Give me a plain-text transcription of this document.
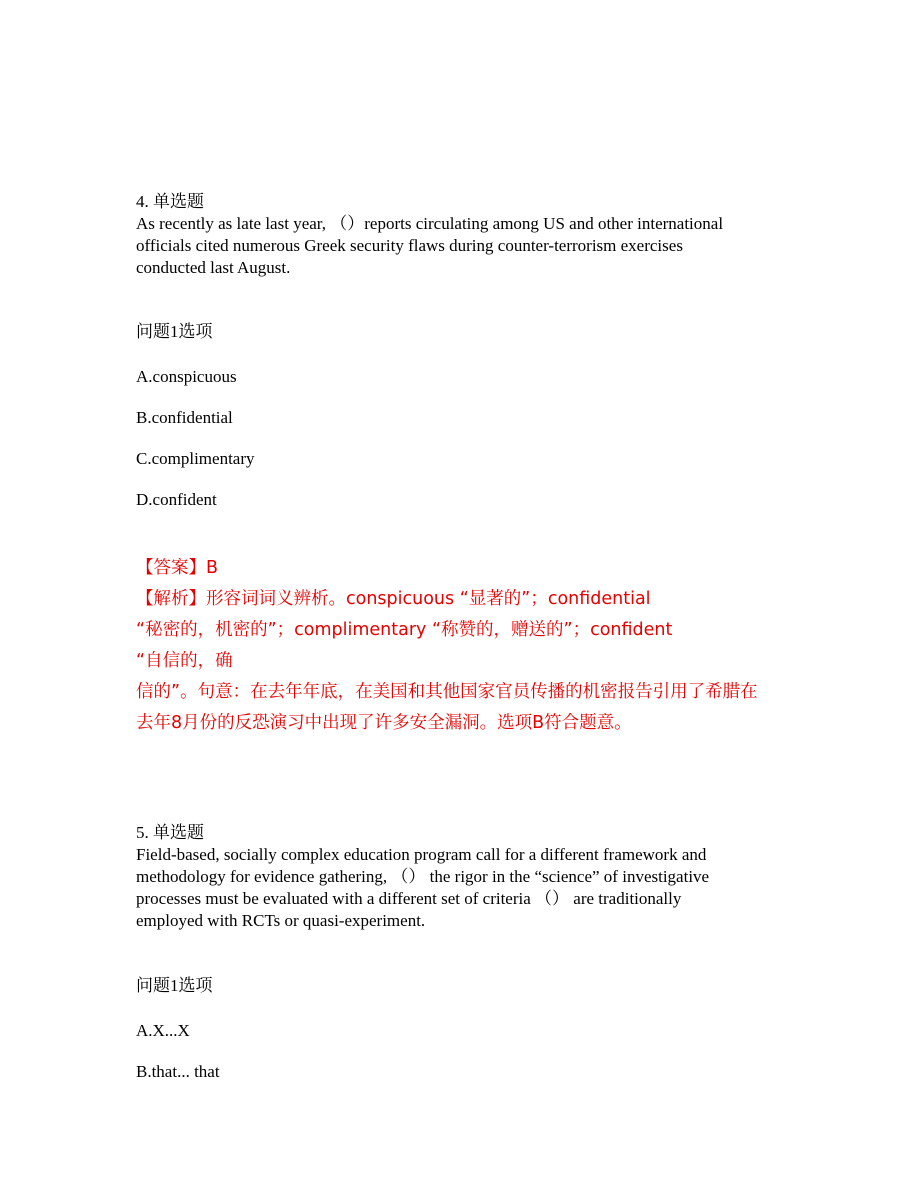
4. 单选题

As recently as late last year, （）reports circulating among US and other international

officials cited numerous Greek security flaws during counter-terrorism exercises

conducted last August.

问题1选项

A.conspicuous

B.confidential

C.complimentary

D.confident

【答案】B

【解析】形容词词义辨析。conspicuous “显著的”；confidential

“秘密的，机密的”；complimentary “称赞的，赠送的”；confident

“自信的，确

信的”。句意：在去年年底，在美国和其他国家官员传播的机密报告引用了希腊在

去年8月份的反恐演习中出现了许多安全漏洞。选项B符合题意。

5. 单选题

Field-based, socially complex education program call for a different framework and

methodology for evidence gathering, （） the rigor in the “science” of investigative

processes must be evaluated with a different set of criteria （） are traditionally

employed with RCTs or quasi-experiment.

问题1选项

A.X...X

B.that... that
